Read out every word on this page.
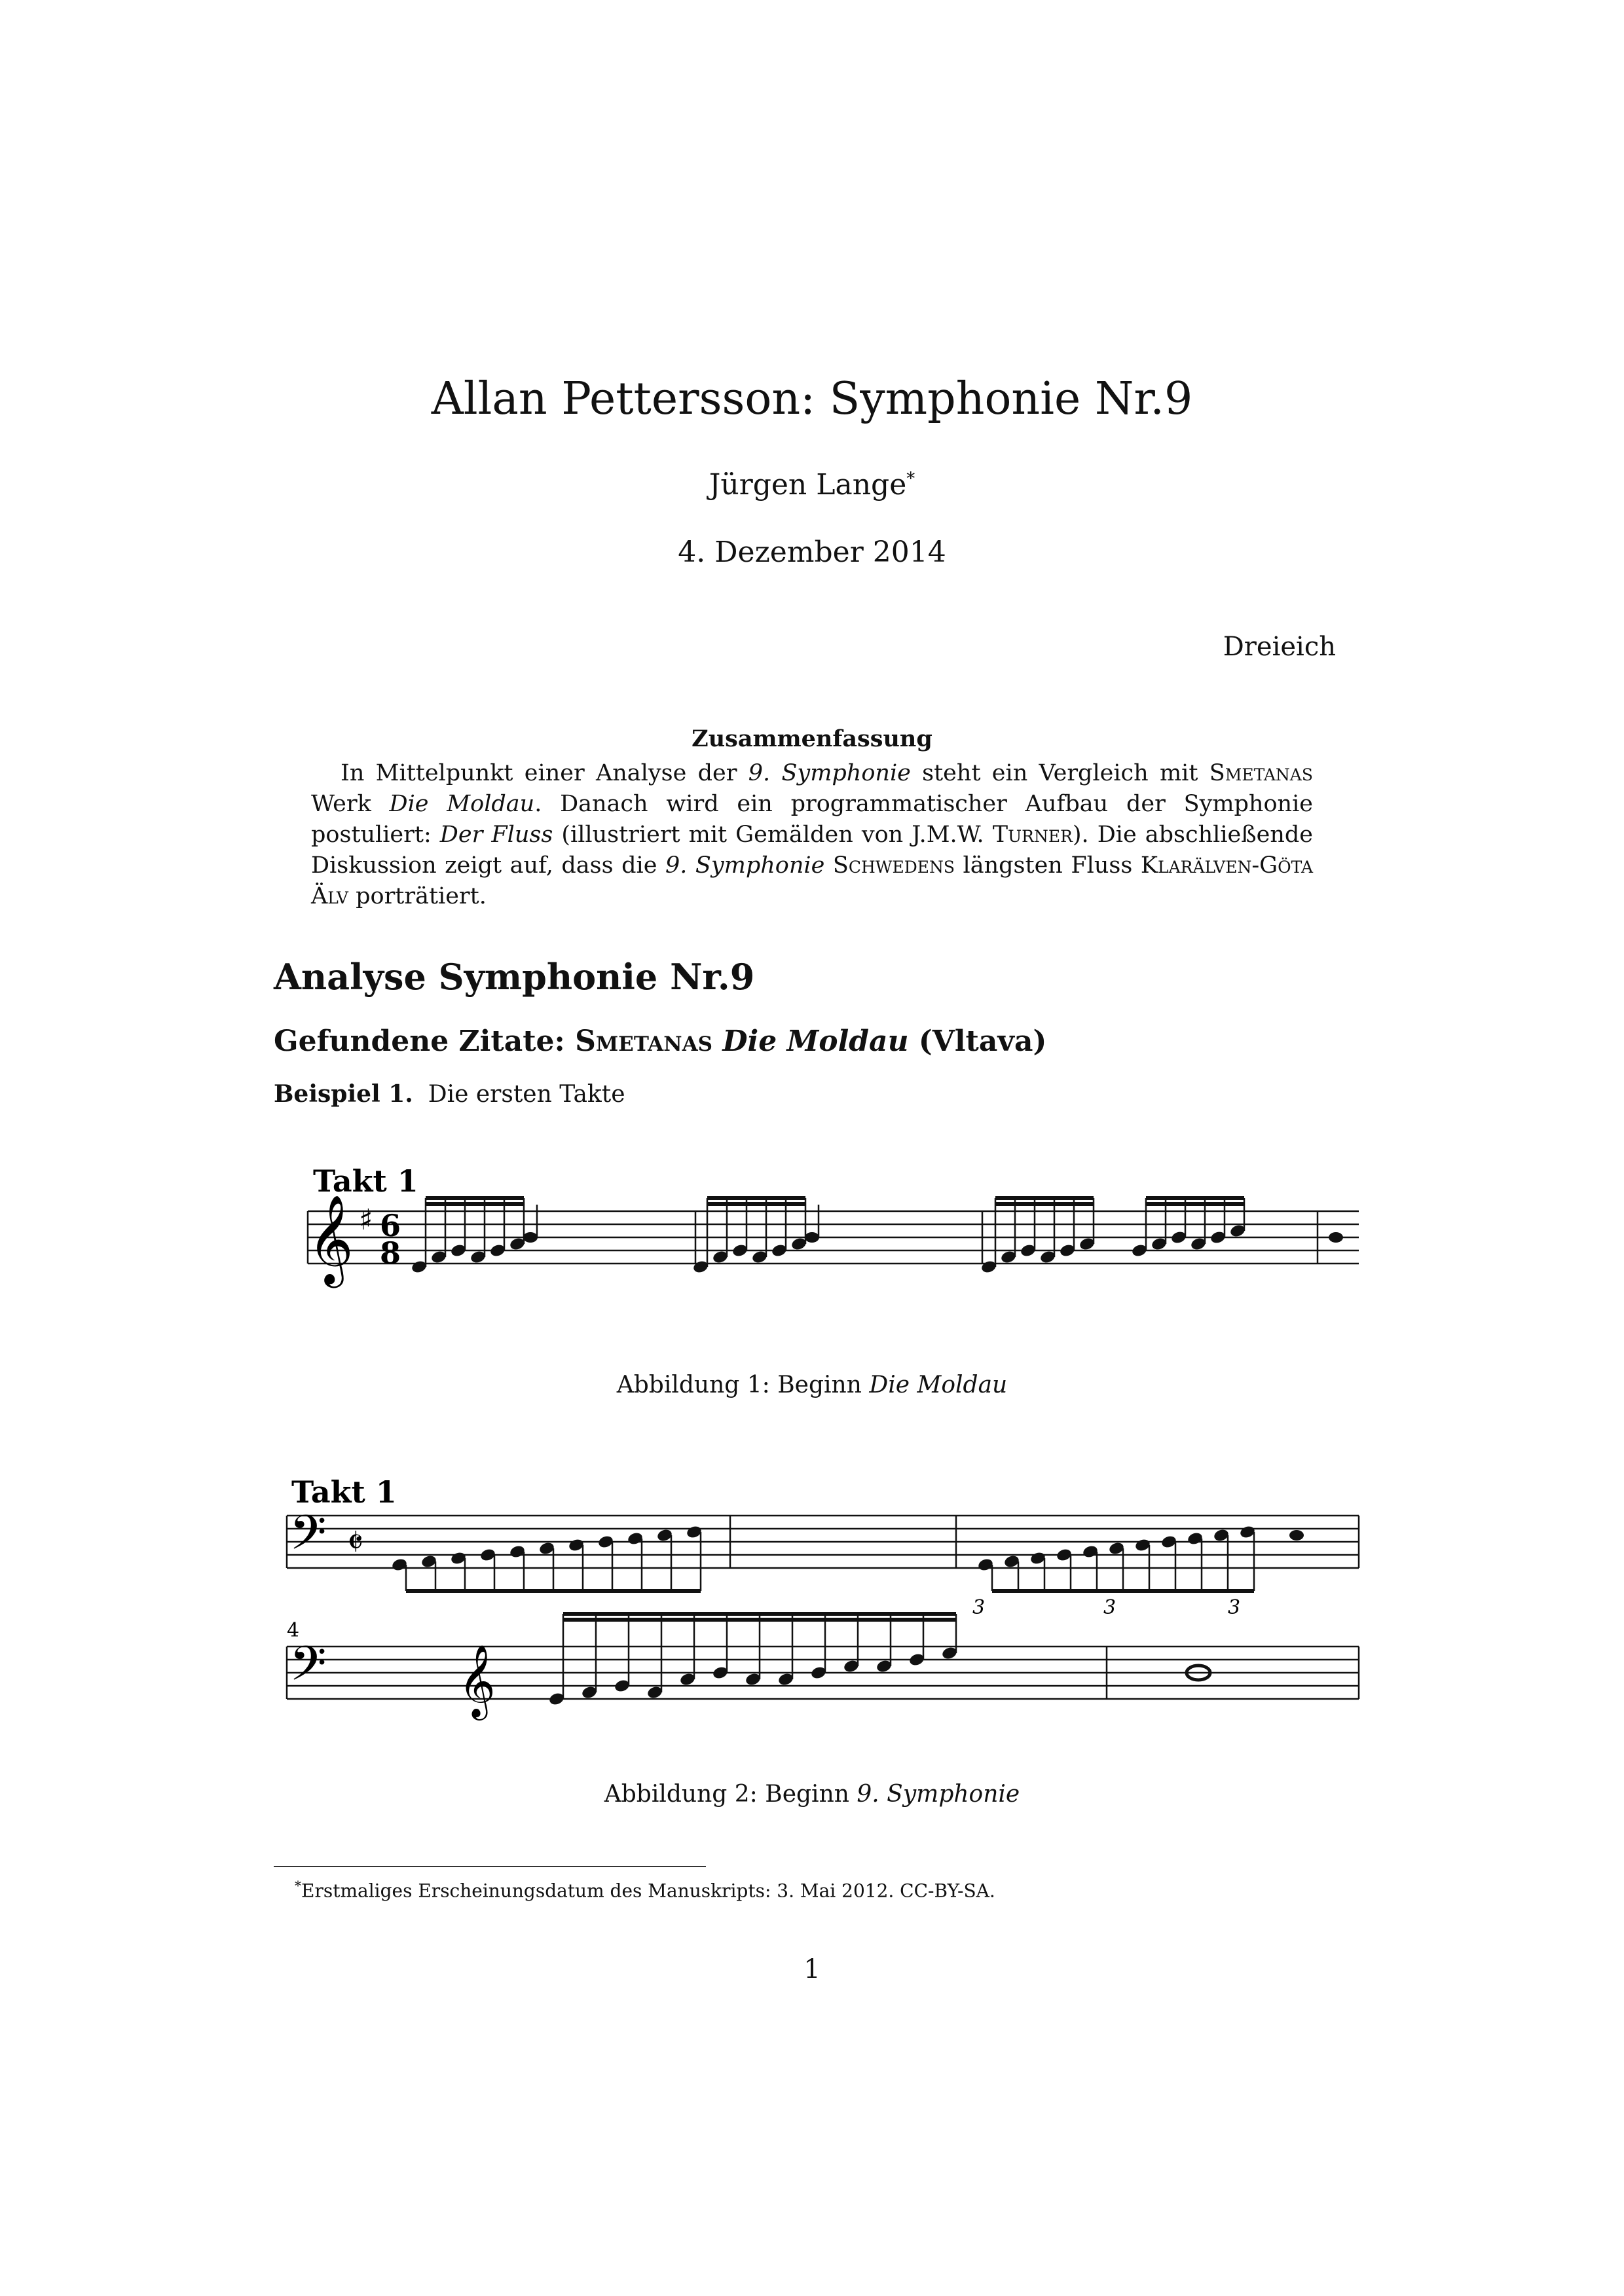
Allan Pettersson: Symphonie Nr.9
Jürgen Lange*
4. Dezember 2014
Dreieich
Zusammenfassung
In Mittelpunkt einer Analyse der 9. Symphonie steht ein Vergleich mit Smetanas Werk Die Moldau. Danach wird ein programmatischer Aufbau der Symphonie postuliert: Der Fluss (illustriert mit Gemälden von J.M.W. Turner). Die abschließende Diskussion zeigt auf, dass die 9. Symphonie Schwedens längsten Fluss Klarälven-Göta Älv porträtiert.
Analyse Symphonie Nr.9
Gefundene Zitate: Smetanas Die Moldau (Vltava)
Beispiel 1. Die ersten Takte
Takt 1
𝄞 ♯ 6
8
Abbildung 1: Beginn Die Moldau
Takt 1
𝄢 𝄵
4
𝄢 𝄞
3	3	3
Abbildung 2: Beginn 9. Symphonie
*Erstmaliges Erscheinungsdatum des Manuskripts: 3. Mai 2012. CC-BY-SA.
1
